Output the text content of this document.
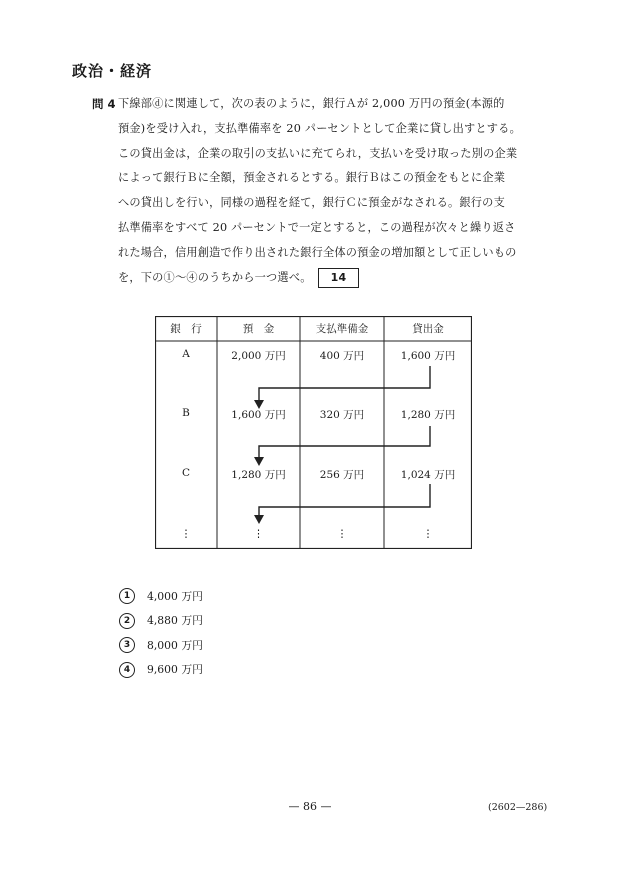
政治・経済
問 4 下線部ⓓに関連して，次の表のように，銀行Ａが 2,000 万円の預金(本源的
預金)を受け入れ，支払準備率を 20 パーセントとして企業に貸し出すとする。
この貸出金は，企業の取引の支払いに充てられ，支払いを受け取った別の企業
によって銀行Ｂに全額，預金されるとする。銀行Ｂはこの預金をもとに企業
への貸出しを行い，同様の過程を経て，銀行Ｃに預金がなされる。銀行の支
払準備率をすべて 20 パーセントで一定とすると，この過程が次々と繰り返さ
れた場合，信用創造で作り出された銀行全体の預金の増加額として正しいもの
を，下の①～④のうちから一つ選べ。 14
銀　行	預　金	支払準備金	貸出金
A	2,000 万円	400 万円	1,600 万円
B	1,600 万円	320 万円	1,280 万円
C	1,280 万円	256 万円	1,024 万円
⋮	⋮	⋮	⋮
1	4,000 万円
2	4,880 万円
3	8,000 万円
4	9,600 万円
— 86 —	(2602—286)
